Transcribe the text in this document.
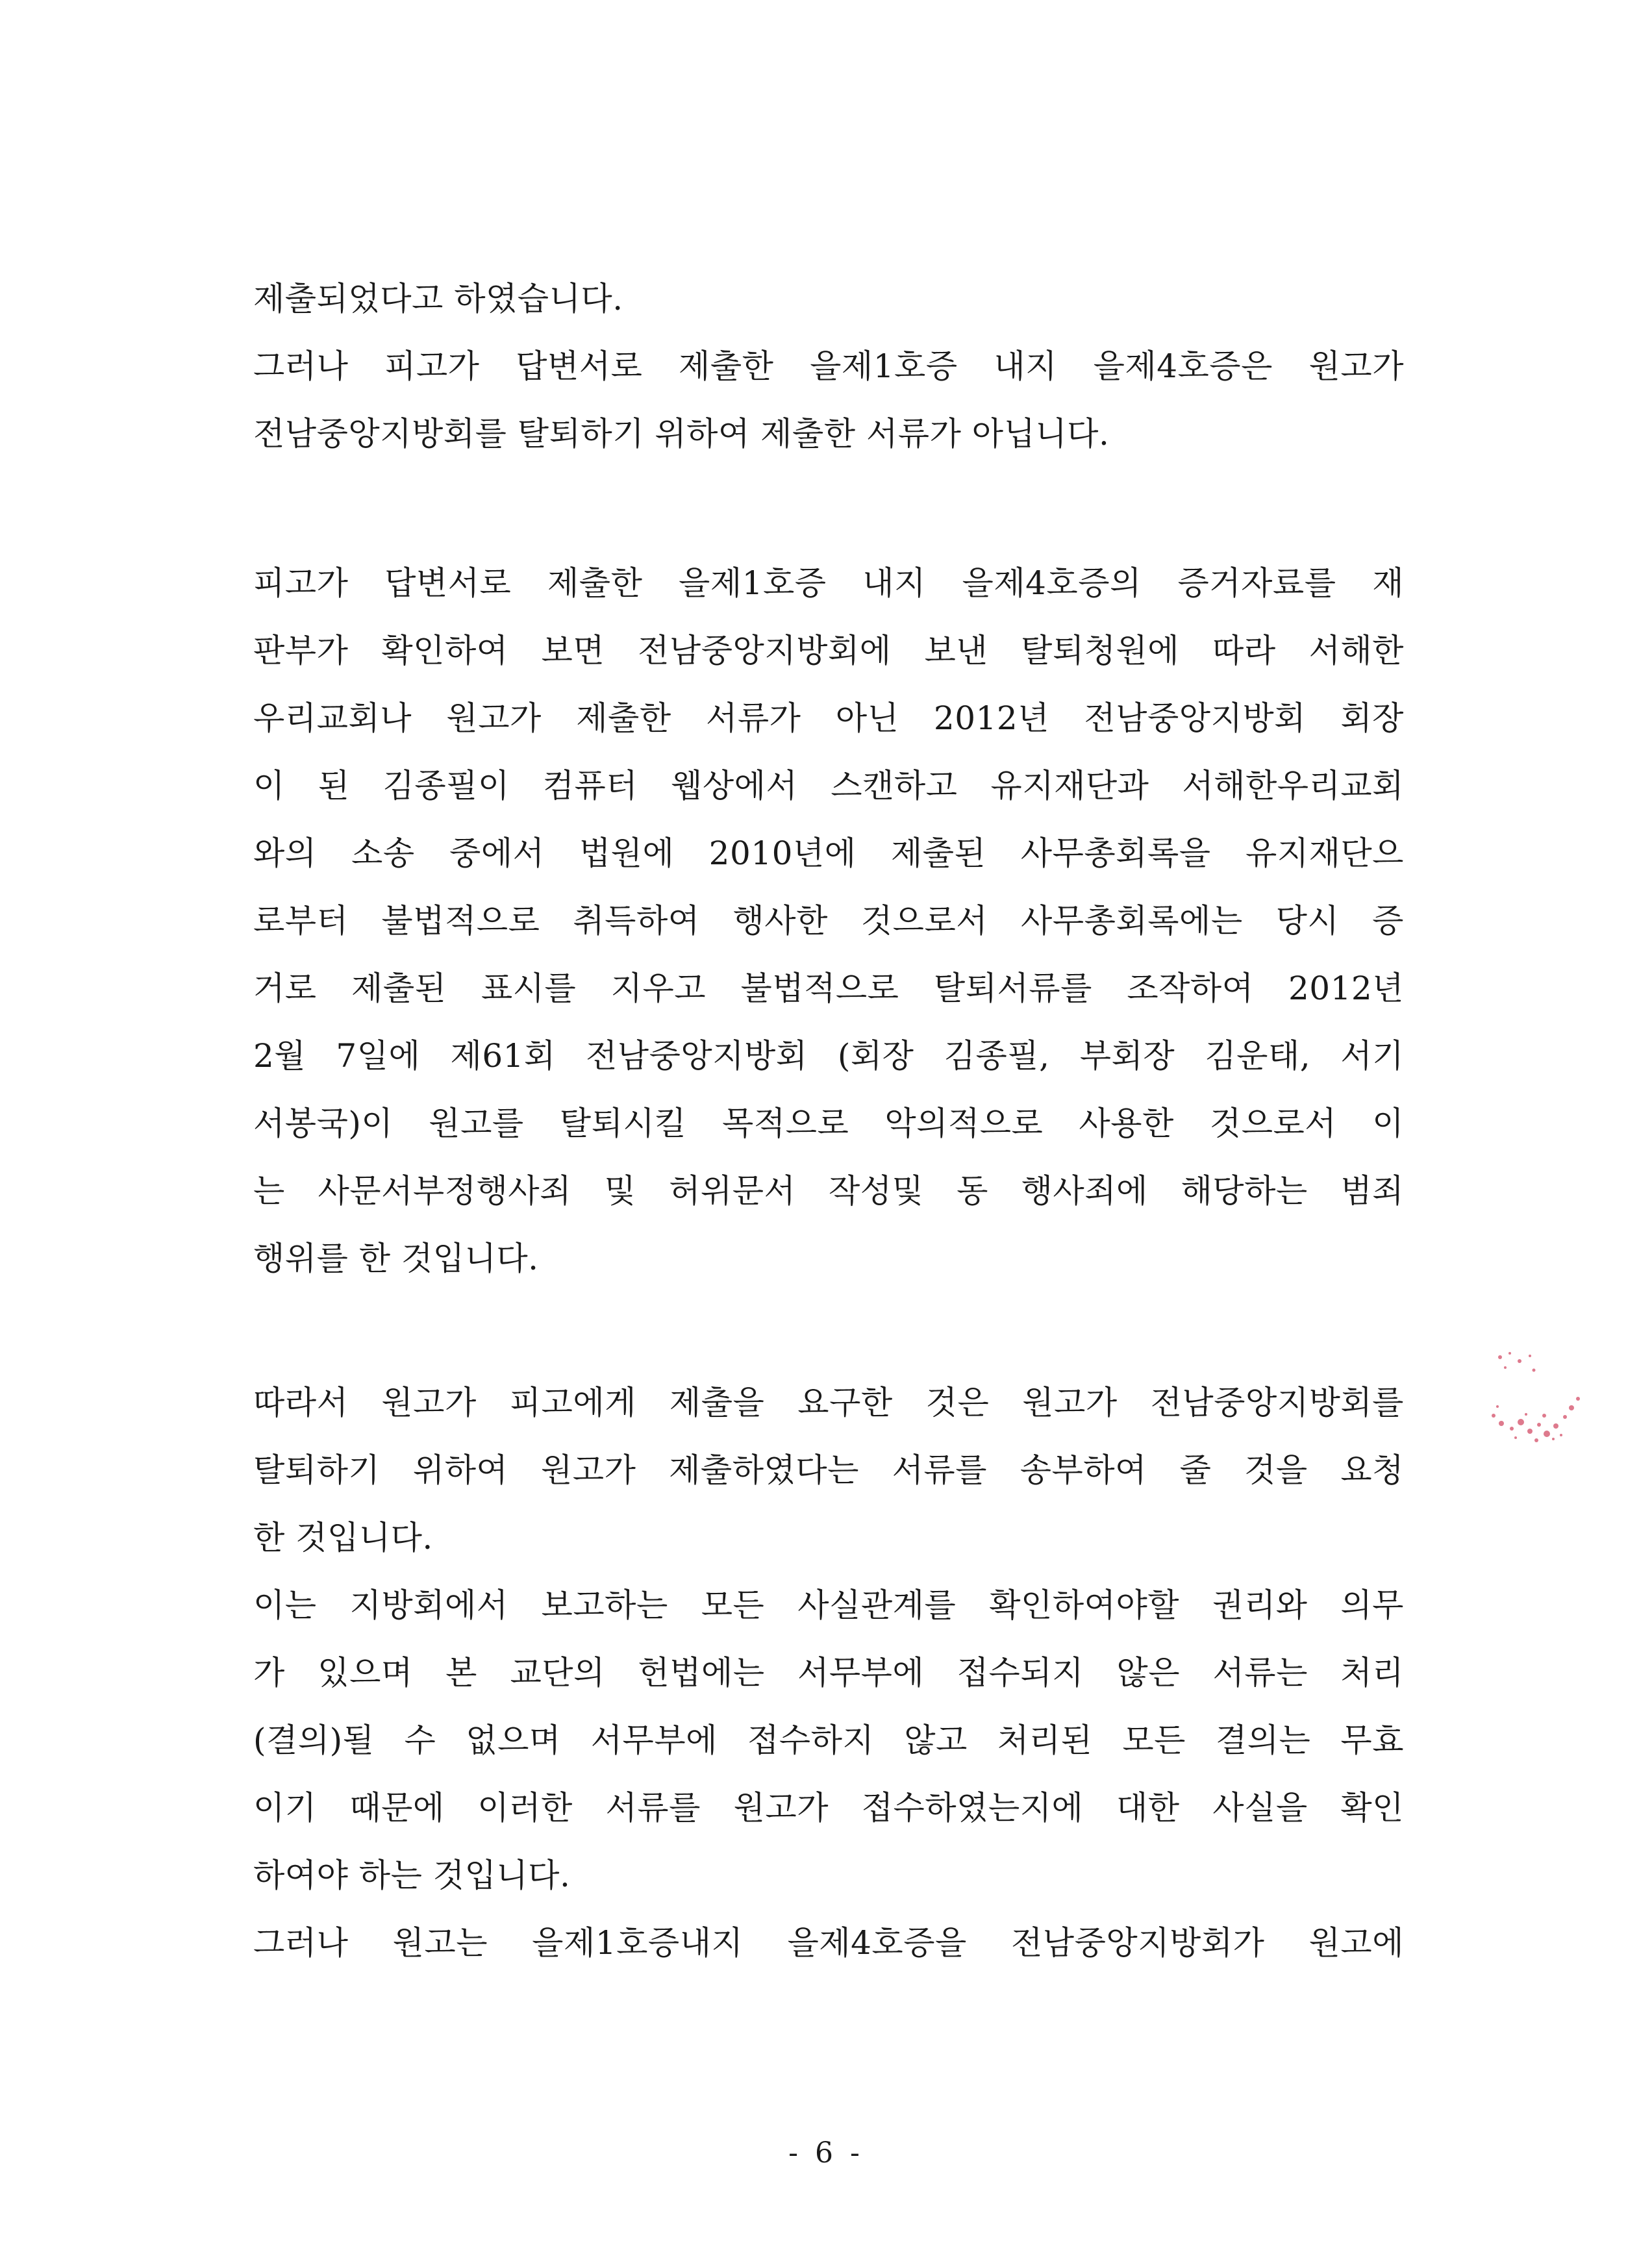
제출되었다고 하였습니다.
그러나 피고가 답변서로 제출한 을제1호증 내지 을제4호증은 원고가
전남중앙지방회를 탈퇴하기 위하여 제출한 서류가 아닙니다.
피고가 답변서로 제출한 을제1호증 내지 을제4호증의 증거자료를 재
판부가 확인하여 보면 전남중앙지방회에 보낸 탈퇴청원에 따라 서해한
우리교회나 원고가 제출한 서류가 아닌 2012년 전남중앙지방회 회장
이 된 김종필이 컴퓨터 웹상에서 스캔하고 유지재단과 서해한우리교회
와의 소송 중에서 법원에 2010년에 제출된 사무총회록을 유지재단으
로부터 불법적으로 취득하여 행사한 것으로서 사무총회록에는 당시 증
거로 제출된 표시를 지우고 불법적으로 탈퇴서류를 조작하여 2012년
2월 7일에 제61회 전남중앙지방회 (회장 김종필, 부회장 김운태, 서기
서봉국)이 원고를 탈퇴시킬 목적으로 악의적으로 사용한 것으로서 이
는 사문서부정행사죄 및 허위문서 작성및 동 행사죄에 해당하는 범죄
행위를 한 것입니다.
따라서 원고가 피고에게 제출을 요구한 것은 원고가 전남중앙지방회를
탈퇴하기 위하여 원고가 제출하였다는 서류를 송부하여 줄 것을 요청
한 것입니다.
이는 지방회에서 보고하는 모든 사실관계를 확인하여야할 권리와 의무
가 있으며 본 교단의 헌법에는 서무부에 접수되지 않은 서류는 처리
(결의)될 수 없으며 서무부에 접수하지 않고 처리된 모든 결의는 무효
이기 때문에 이러한 서류를 원고가 접수하였는지에 대한 사실을 확인
하여야 하는 것입니다.
그러나 원고는 을제1호증내지 을제4호증을 전남중앙지방회가 원고에
- 6 -
